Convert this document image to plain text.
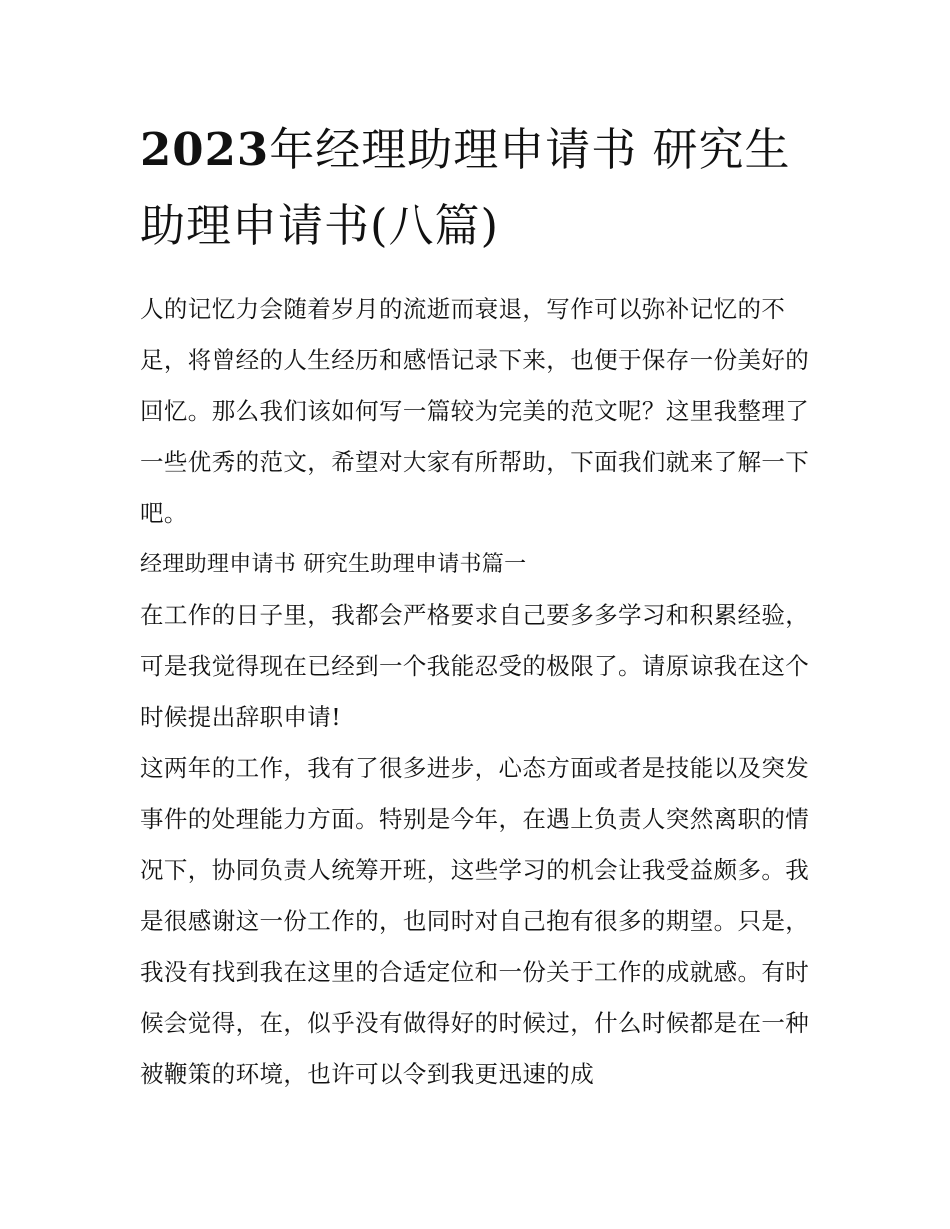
2023年经理助理申请书 研究生助理申请书(八篇)

人的记忆力会随着岁月的流逝而衰退，写作可以弥补记忆的不足，将曾经的人生经历和感悟记录下来，也便于保存一份美好的回忆。那么我们该如何写一篇较为完美的范文呢？这里我整理了一些优秀的范文，希望对大家有所帮助，下面我们就来了解一下吧。

经理助理申请书 研究生助理申请书篇一

在工作的日子里，我都会严格要求自己要多多学习和积累经验，可是我觉得现在已经到一个我能忍受的极限了。请原谅我在这个时候提出辞职申请!

这两年的工作，我有了很多进步，心态方面或者是技能以及突发事件的处理能力方面。特别是今年，在遇上负责人突然离职的情况下，协同负责人统筹开班，这些学习的机会让我受益颇多。我是很感谢这一份工作的，也同时对自己抱有很多的期望。只是，我没有找到我在这里的合适定位和一份关于工作的成就感。有时候会觉得，在，似乎没有做得好的时候过，什么时候都是在一种被鞭策的环境，也许可以令到我更迅速的成
